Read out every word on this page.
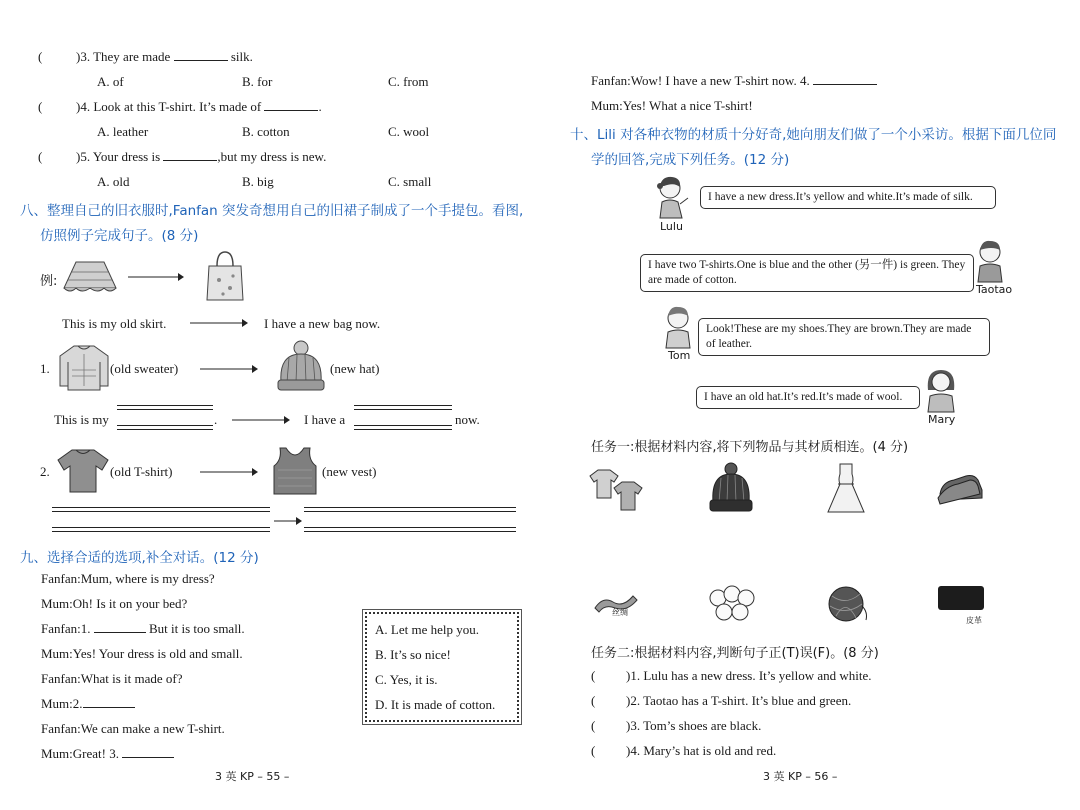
(	)3. They are made	silk.
A. of	B. for	C. from
(	)4. Look at this T-shirt. It’s made of	.
A. leather	B. cotton	C. wool
(	)5. Your dress is	,but my dress is new.
A. old	B. big	C. small
八、整理自己的旧衣服时,Fanfan 突发奇想用自己的旧裙子制成了一个手提包。看图,
仿照例子完成句子。(8 分)
例:
This is my old skirt.	I have a new bag now.
1.	(old sweater)	(new hat)
This is my	.	I have a	now.
2.	(old T-shirt)	(new vest)
九、选择合适的选项,补全对话。(12 分)
Fanfan:Mum, where is my dress?
Mum:Oh! Is it on your bed?
Fanfan:1.	But it is too small.
Mum:Yes! Your dress is old and small.
Fanfan:What is it made of?
Mum:2.
Fanfan:We can make a new T-shirt.
Mum:Great! 3.
A. Let me help you.
B. It’s so nice!
C. Yes, it is.
D. It is made of cotton.
3 英 KP – 55 –
Fanfan:Wow! I have a new T-shirt now. 4.
Mum:Yes! What a nice T-shirt!
十、Lili 对各种衣物的材质十分好奇,她向朋友们做了一个小采访。根据下面几位同
学的回答,完成下列任务。(12 分)
Lulu
I have a new dress.It’s yellow and white.It’s made of silk.
I have two T-shirts.One is blue and the other (另一件) is green. They are made of cotton.
Taotao
Tom
Look!These are my shoes.They are brown.They are made of leather.
I have an old hat.It’s red.It’s made of wool.
Mary
任务一:根据材料内容,将下列物品与其材质相连。(4 分)
丝绸
皮革
任务二:根据材料内容,判断句子正(T)误(F)。(8 分)
( )1. Lulu has a new dress. It’s yellow and white.
( )2. Taotao has a T-shirt. It’s blue and green.
( )3. Tom’s shoes are black.
( )4. Mary’s hat is old and red.
3 英 KP – 56 –
